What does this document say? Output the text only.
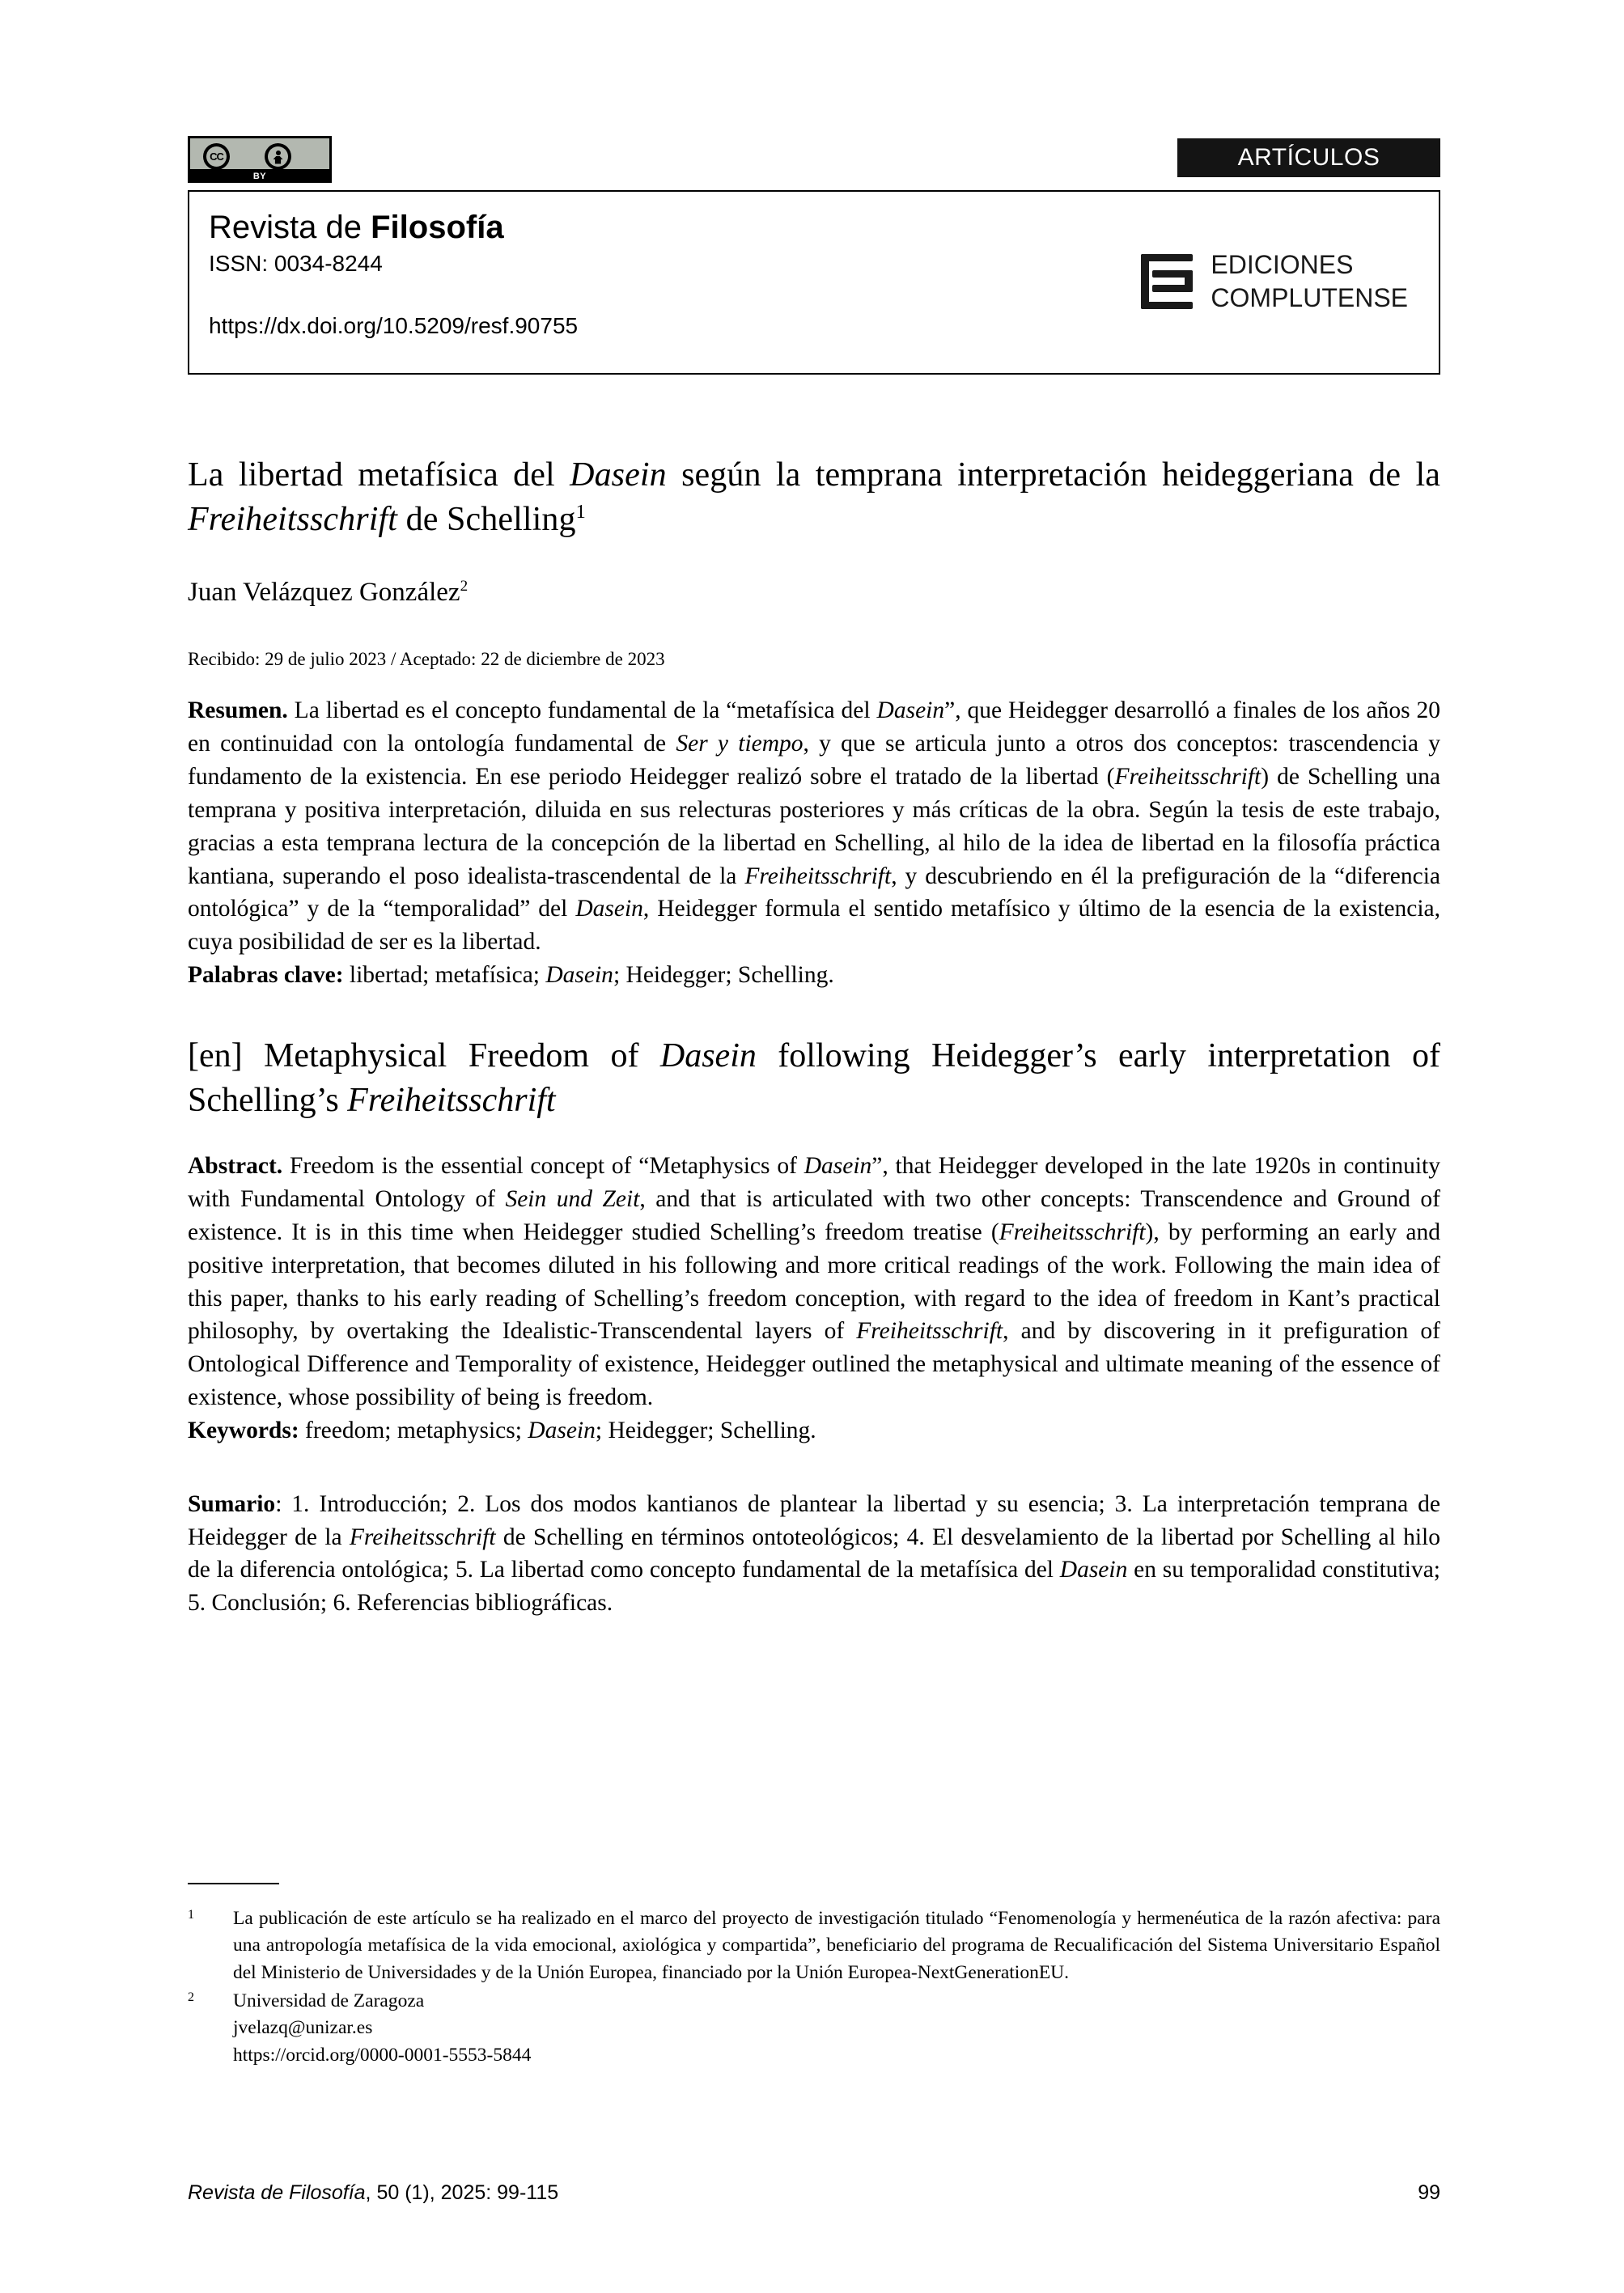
CC
BY
ARTÍCULOS
Revista de Filosofía
ISSN: 0034-8244
https://dx.doi.org/10.5209/resf.90755
EDICIONES
COMPLUTENSE
La libertad metafísica del Dasein según la temprana interpretación heideggeriana de la Freiheitsschrift de Schelling$^1$
Juan Velázquez González$^2$
Recibido: 29 de julio 2023 / Aceptado: 22 de diciembre de 2023
Resumen. La libertad es el concepto fundamental de la “metafísica del Dasein”, que Heidegger desarrolló a finales de los años 20 en continuidad con la ontología fundamental de Ser y tiempo, y que se articula junto a otros dos conceptos: trascendencia y fundamento de la existencia. En ese periodo Heidegger realizó sobre el tratado de la libertad (Freiheitsschrift) de Schelling una temprana y positiva interpretación, diluida en sus relecturas posteriores y más críticas de la obra. Según la tesis de este trabajo, gracias a esta temprana lectura de la concepción de la libertad en Schelling, al hilo de la idea de libertad en la filosofía práctica kantiana, superando el poso idealista-trascendental de la Freiheitsschrift, y descubriendo en él la prefiguración de la “diferencia ontológica” y de la “temporalidad” del Dasein, Heidegger formula el sentido metafísico y último de la esencia de la existencia, cuya posibilidad de ser es la libertad.
Palabras clave: libertad; metafísica; Dasein; Heidegger; Schelling.
[en] Metaphysical Freedom of Dasein following Heidegger’s early interpretation of Schelling’s Freiheitsschrift
Abstract. Freedom is the essential concept of “Metaphysics of Dasein”, that Heidegger developed in the late 1920s in continuity with Fundamental Ontology of Sein und Zeit, and that is articulated with two other concepts: Transcendence and Ground of existence. It is in this time when Heidegger studied Schelling’s freedom treatise (Freiheitsschrift), by performing an early and positive interpretation, that becomes diluted in his following and more critical readings of the work. Following the main idea of this paper, thanks to his early reading of Schelling’s freedom conception, with regard to the idea of freedom in Kant’s practical philosophy, by overtaking the Idealistic-Transcendental layers of Freiheitsschrift, and by discovering in it prefiguration of Ontological Difference and Temporality of existence, Heidegger outlined the metaphysical and ultimate meaning of the essence of existence, whose possibility of being is freedom.
Keywords: freedom; metaphysics; Dasein; Heidegger; Schelling.
Sumario: 1. Introducción; 2. Los dos modos kantianos de plantear la libertad y su esencia; 3. La interpretación temprana de Heidegger de la Freiheitsschrift de Schelling en términos ontoteológicos; 4. El desvelamiento de la libertad por Schelling al hilo de la diferencia ontológica; 5. La libertad como concepto fundamental de la metafísica del Dasein en su temporalidad constitutiva; 5. Conclusión; 6. Referencias bibliográficas.
1	La publicación de este artículo se ha realizado en el marco del proyecto de investigación titulado “Fenomenología y hermenéutica de la razón afectiva: para una antropología metafísica de la vida emocional, axiológica y compartida”, beneficiario del programa de Recualificación del Sistema Universitario Español del Ministerio de Universidades y de la Unión Europea, financiado por la Unión Europea-NextGenerationEU.
2	Universidad de Zaragoza
jvelazq@unizar.es
https://orcid.org/0000-0001-5553-5844
Revista de Filosofía, 50 (1), 2025: 99-115	99
